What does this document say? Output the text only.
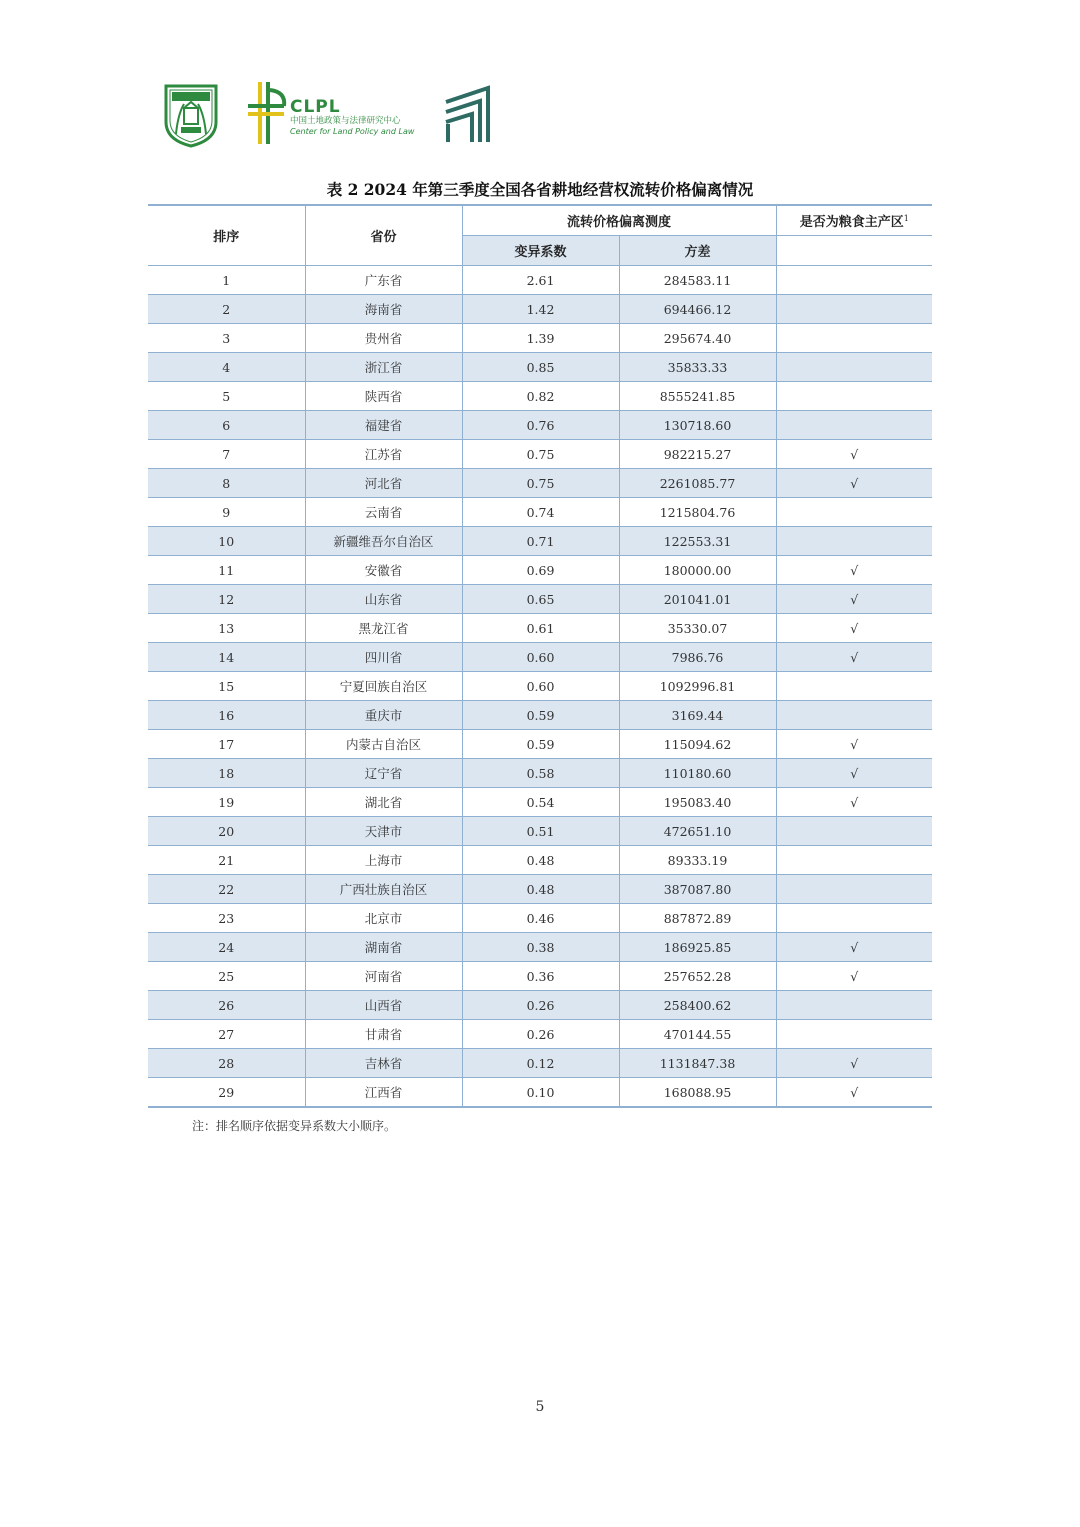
CLPL
中国土地政策与法律研究中心
Center for Land Policy and Law
表 2 2024 年第三季度全国各省耕地经营权流转价格偏离情况
排序	省份	流转价格偏离测度		是否为粮食主产区$^1$
		变异系数	方差	
1	广东省	2.61	284583.11	
2	海南省	1.42	694466.12	
3	贵州省	1.39	295674.40	
4	浙江省	0.85	35833.33	
5	陕西省	0.82	8555241.85	
6	福建省	0.76	130718.60	
7	江苏省	0.75	982215.27	√
8	河北省	0.75	2261085.77	√
9	云南省	0.74	1215804.76	
10	新疆维吾尔自治区	0.71	122553.31	
11	安徽省	0.69	180000.00	√
12	山东省	0.65	201041.01	√
13	黑龙江省	0.61	35330.07	√
14	四川省	0.60	7986.76	√
15	宁夏回族自治区	0.60	1092996.81	
16	重庆市	0.59	3169.44	
17	内蒙古自治区	0.59	115094.62	√
18	辽宁省	0.58	110180.60	√
19	湖北省	0.54	195083.40	√
20	天津市	0.51	472651.10	
21	上海市	0.48	89333.19	
22	广西壮族自治区	0.48	387087.80	
23	北京市	0.46	887872.89	
24	湖南省	0.38	186925.85	√
25	河南省	0.36	257652.28	√
26	山西省	0.26	258400.62	
27	甘肃省	0.26	470144.55	
28	吉林省	0.12	1131847.38	√
29	江西省	0.10	168088.95	√
注：排名顺序依据变异系数大小顺序。
5
